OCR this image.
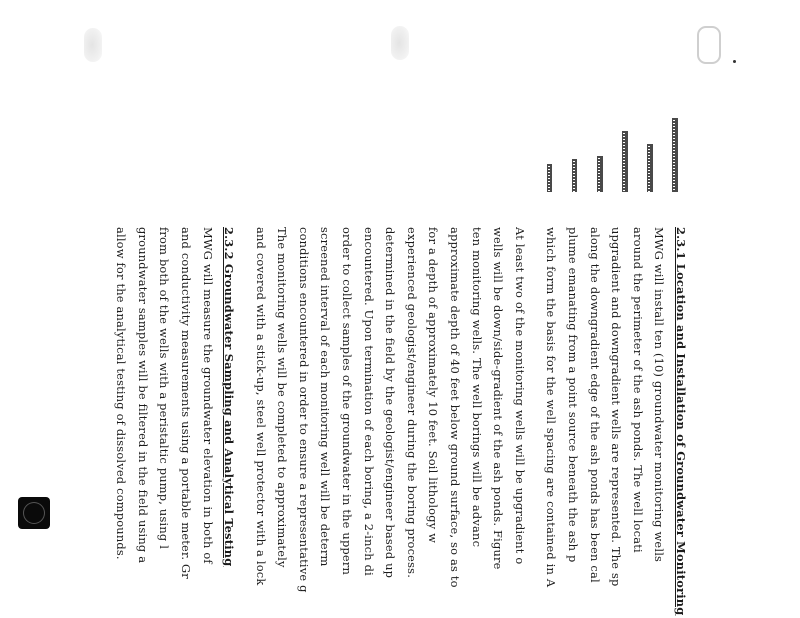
2.3.1 Location and Installation of Groundwater Monitoring
MWG will install ten (10) groundwater monitoring wells
around the perimeter of the ash ponds. The well locati
upgradient and downgradient wells are represented. The sp
along the downgradient edge of the ash ponds has been cal
plume emanating from a point source beneath the ash p
which form the basis for the well spacing are contained in A
At least two of the monitoring wells will be upgradient o
wells will be down/side-gradient of the ash ponds. Figure
ten monitoring wells. The well borings will be advanc
approximate depth of 40 feet below ground surface, so as to
for a depth of approximately 10 feet. Soil lithology w
experienced geologist/engineer during the boring process.
determined in the field by the geologist/engineer based up
encountered. Upon termination of each boring, a 2-inch di
order to collect samples of the groundwater in the uppern
screened interval of each monitoring well will be determ
conditions encountered in order to ensure a representative g
The monitoring wells will be completed to approximately
and covered with a stick-up, steel well protector with a lock
2.3.2 Groundwater Sampling and Analytical Testing
MWG will measure the groundwater elevation in both of
and conductivity measurements using a portable meter. Gr
from both of the wells with a peristaltic pump, using l
groundwater samples will be filtered in the field using a
allow for the analytical testing of dissolved compounds.
